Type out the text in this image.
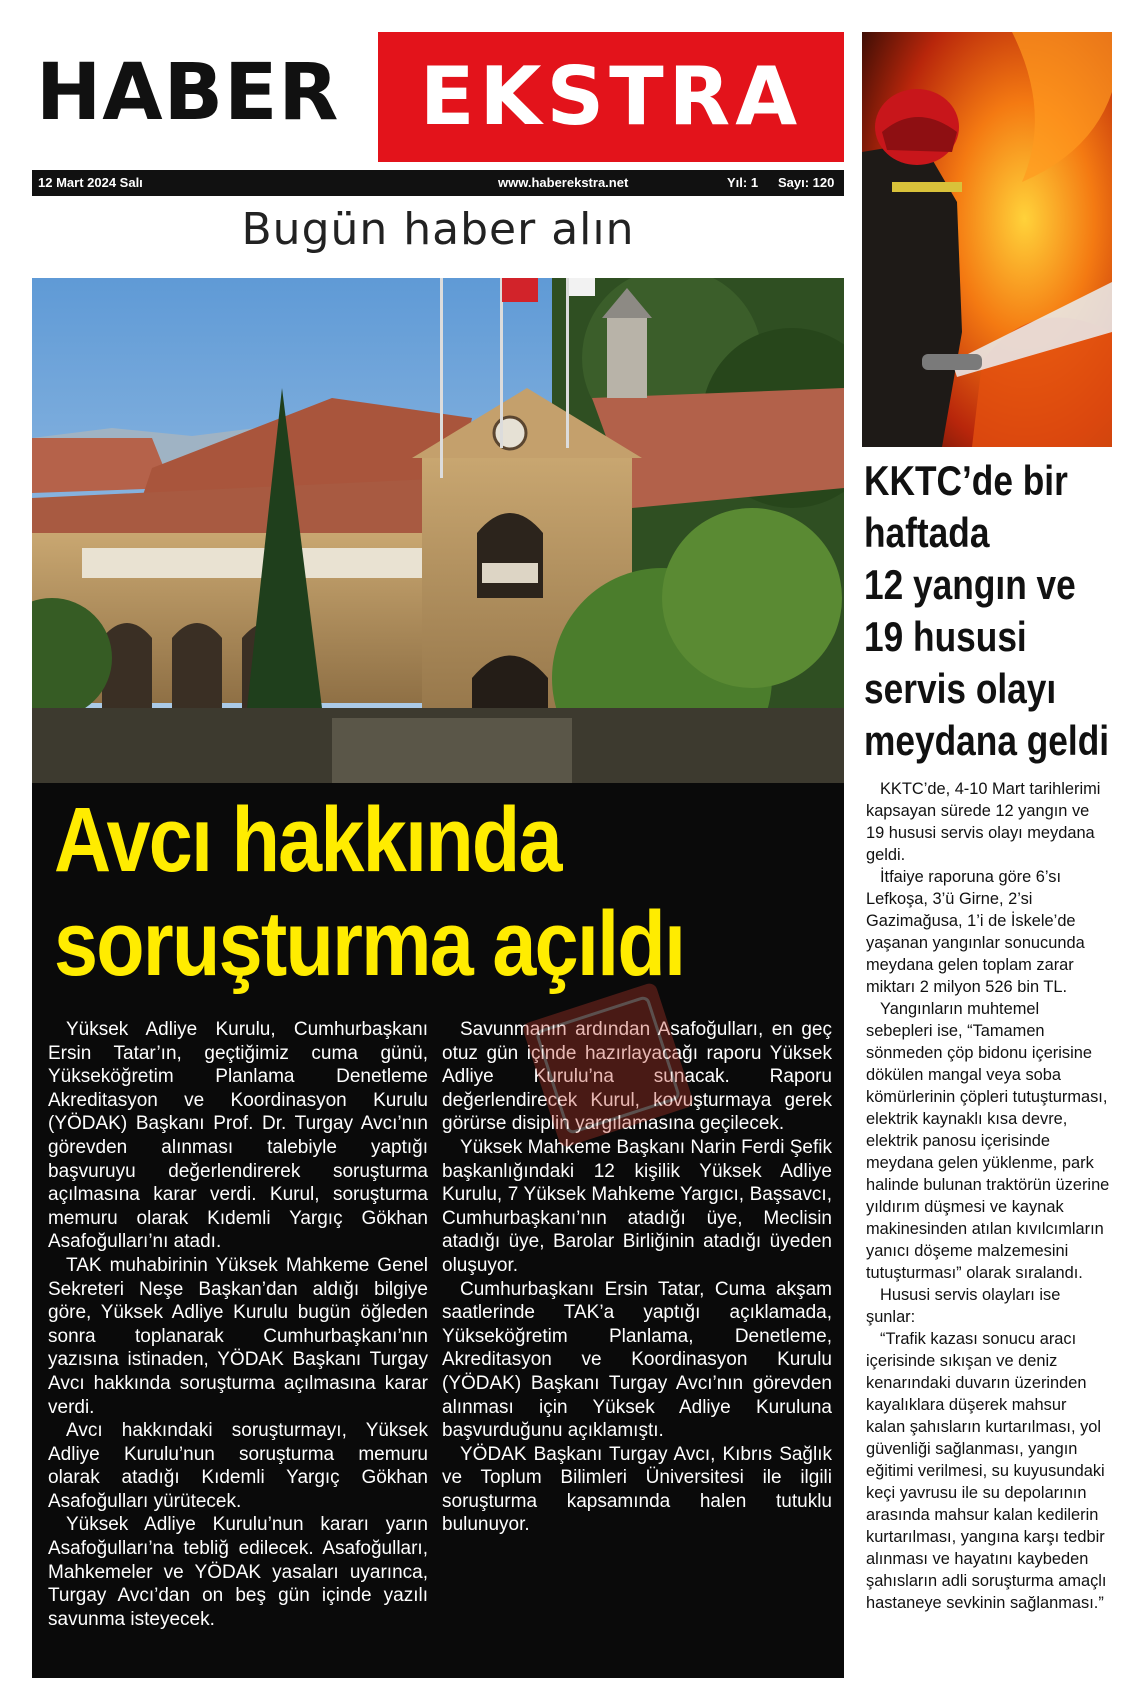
HABER EKSTRA
12 Mart 2024 Salı	www.haberekstra.net	Yıl: 1 Sayı: 120
Bugün haber alın
Avcı hakkında
soruşturma açıldı

Yüksek Adliye Kurulu, Cumhurbaşkanı Ersin Tatar’ın, geçtiğimiz cuma günü, Yükseköğretim Planlama Denetleme Akreditasyon ve Koordinasyon Kurulu (YÖDAK) Başkanı Prof. Dr. Turgay Avcı’nın görevden alınması talebiyle yaptığı başvuruyu değerlendirerek soruşturma açılmasına karar verdi. Kurul, soruşturma memuru olarak Kıdemli Yargıç Gökhan Asafoğulları’nı atadı.

TAK muhabirinin Yüksek Mahkeme Genel Sekreteri Neşe Başkan’dan aldığı bilgiye göre, Yüksek Adliye Kurulu bugün öğleden sonra toplanarak Cumhurbaşkanı’nın yazısına istinaden, YÖDAK Başkanı Turgay Avcı hakkında soruşturma açılmasına karar verdi.

Avcı hakkındaki soruşturmayı, Yüksek Adliye Kurulu’nun soruşturma memuru olarak atadığı Kıdemli Yargıç Gökhan Asafoğulları yürütecek.

Yüksek Adliye Kurulu’nun kararı yarın Asafoğulları’na tebliğ edilecek. Asafoğulları, Mahkemeler ve YÖDAK yasaları uyarınca, Turgay Avcı’dan on beş gün içinde yazılı savunma isteyecek.

Savunmanın ardından Asafoğulları, en geç otuz gün içinde hazırlayacağı raporu Yüksek Adliye Kurulu’na sunacak. Raporu değerlendirecek Kurul, kovuşturmaya gerek görürse disiplin yargılamasına geçilecek.

Yüksek Mahkeme Başkanı Narin Ferdi Şefik başkanlığındaki 12 kişilik Yüksek Adliye Kurulu, 7 Yüksek Mahkeme Yargıcı, Başsavcı, Cumhurbaşkanı’nın atadığı üye, Meclisin atadığı üye, Barolar Birliğinin atadığı üyeden oluşuyor.

Cumhurbaşkanı Ersin Tatar, Cuma akşam saatlerinde TAK’a yaptığı açıklamada, Yükseköğretim Planlama, Denetleme, Akreditasyon ve Koordinasyon Kurulu (YÖDAK) Başkanı Turgay Avcı’nın görevden alınması için Yüksek Adliye Kuruluna başvurduğunu açıklamıştı.

YÖDAK Başkanı Turgay Avcı, Kıbrıs Sağlık ve Toplum Bilimleri Üniversitesi ile ilgili soruşturma kapsamında halen tutuklu bulunuyor.

KKTC’de bir
haftada
12 yangın ve
19 hususi
servis olayı
meydana geldi

KKTC’de, 4-10 Mart tarihlerimi kapsayan sürede 12 yangın ve 19 hususi servis olayı meydana geldi.

İtfaiye raporuna göre 6’sı Lefkoşa, 3’ü Girne, 2’si Gazimağusa, 1’i de İskele’de yaşanan yangınlar sonucunda meydana gelen toplam zarar miktarı 2 milyon 526 bin TL.

Yangınların muhtemel sebepleri ise, “Tamamen sönmeden çöp bidonu içerisine dökülen mangal veya soba kömürlerinin çöpleri tutuşturması, elektrik kaynaklı kısa devre, elektrik panosu içerisinde meydana gelen yüklenme, park halinde bulunan traktörün üzerine yıldırım düşmesi ve kaynak makinesinden atılan kıvılcımların yanıcı döşeme malzemesini tutuşturması” olarak sıralandı.

Hususi servis olayları ise şunlar:

“Trafik kazası sonucu aracı içerisinde sıkışan ve deniz kenarındaki duvarın üzerinden kayalıklara düşerek mahsur kalan şahısların kurtarılması, yol güvenliği sağlanması, yangın eğitimi verilmesi, su kuyusundaki keçi yavrusu ile su depolarının arasında mahsur kalan kedilerin kurtarılması, yangına karşı tedbir alınması ve hayatını kaybeden şahısların adli soruşturma amaçlı hastaneye sevkinin sağlanması.”
